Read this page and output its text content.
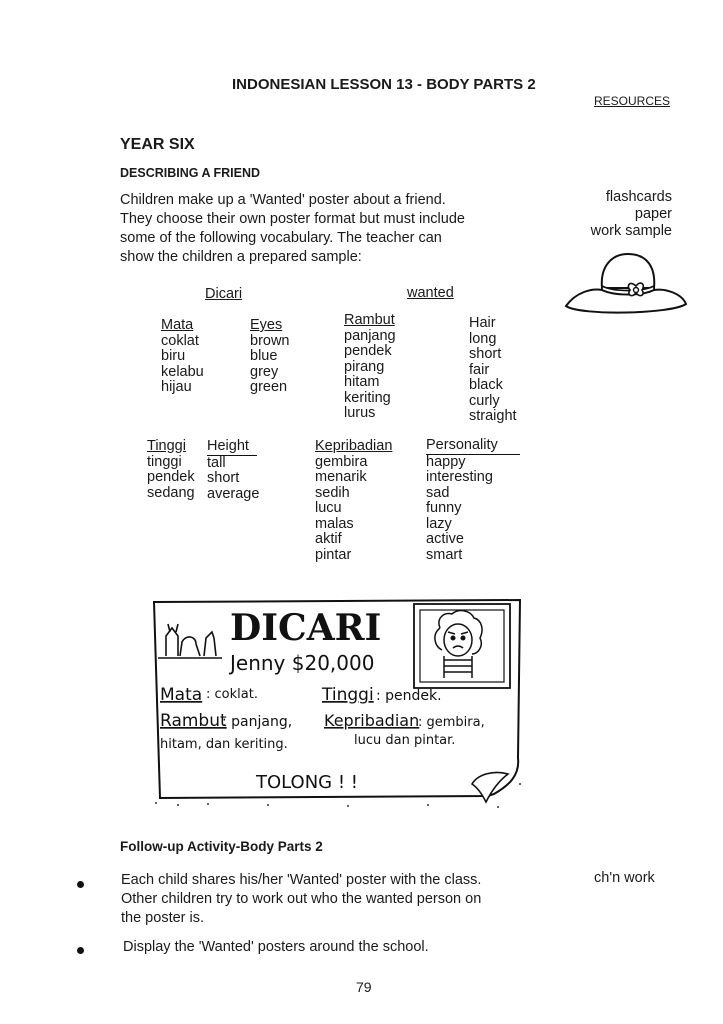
INDONESIAN LESSON 13 - BODY PARTS 2
RESOURCES
YEAR SIX
DESCRIBING A FRIEND
Children make up a 'Wanted' poster about a friend.
They choose their own poster format but must include
some of the following vocabulary. The teacher can
show the children a prepared sample:
flashcards
paper
work sample
Dicari	wanted
Mata
coklat
biru
kelabu
hijau
Eyes
brown
blue
grey
green
Rambut
panjang
pendek
pirang
hitam
keriting
lurus
Hair
long
short
fair
black
curly
straight
Tinggi
tinggi
pendek
sedang
Height
tall
short
average
Kepribadian
gembira
menarik
sedih
lucu
malas
aktif
pintar
Personality
happy
interesting
sad
funny
lazy
active
smart
DICARI
Jenny $20,000
Mata : coklat.	Tinggi : pendek.
Rambut
: panjang,
hitam, dan keriting.
Kepribadian
: gembira,
lucu dan pintar.
TOLONG ! !
Follow-up Activity-Body Parts 2
Each child shares his/her 'Wanted' poster with the class.
Other children try to work out who the wanted person on
the poster is.
ch'n work
Display the 'Wanted' posters around the school.
79
